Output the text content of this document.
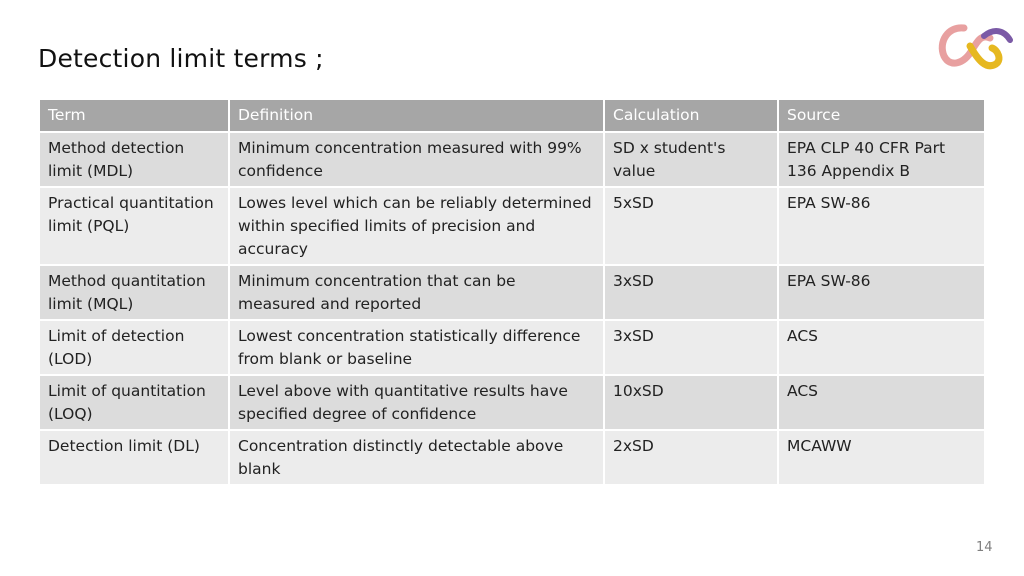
Detection limit terms ;
Term	Definition	Calculation	Source
Method detection limit (MDL)	Minimum concentration measured with 99% confidence	SD x student's value	EPA CLP 40 CFR Part 136 Appendix B
Practical quantitation limit (PQL)	Lowes level which can be reliably determined within specified limits of precision and accuracy	5xSD	EPA SW-86
Method quantitation limit (MQL)	Minimum concentration that can be measured and reported	3xSD	EPA SW-86
Limit of detection (LOD)	Lowest concentration statistically difference from blank or baseline	3xSD	ACS
Limit of quantitation (LOQ)	Level above with quantitative results have specified degree of confidence	10xSD	ACS
Detection limit (DL)	Concentration distinctly detectable above blank	2xSD	MCAWW
14
